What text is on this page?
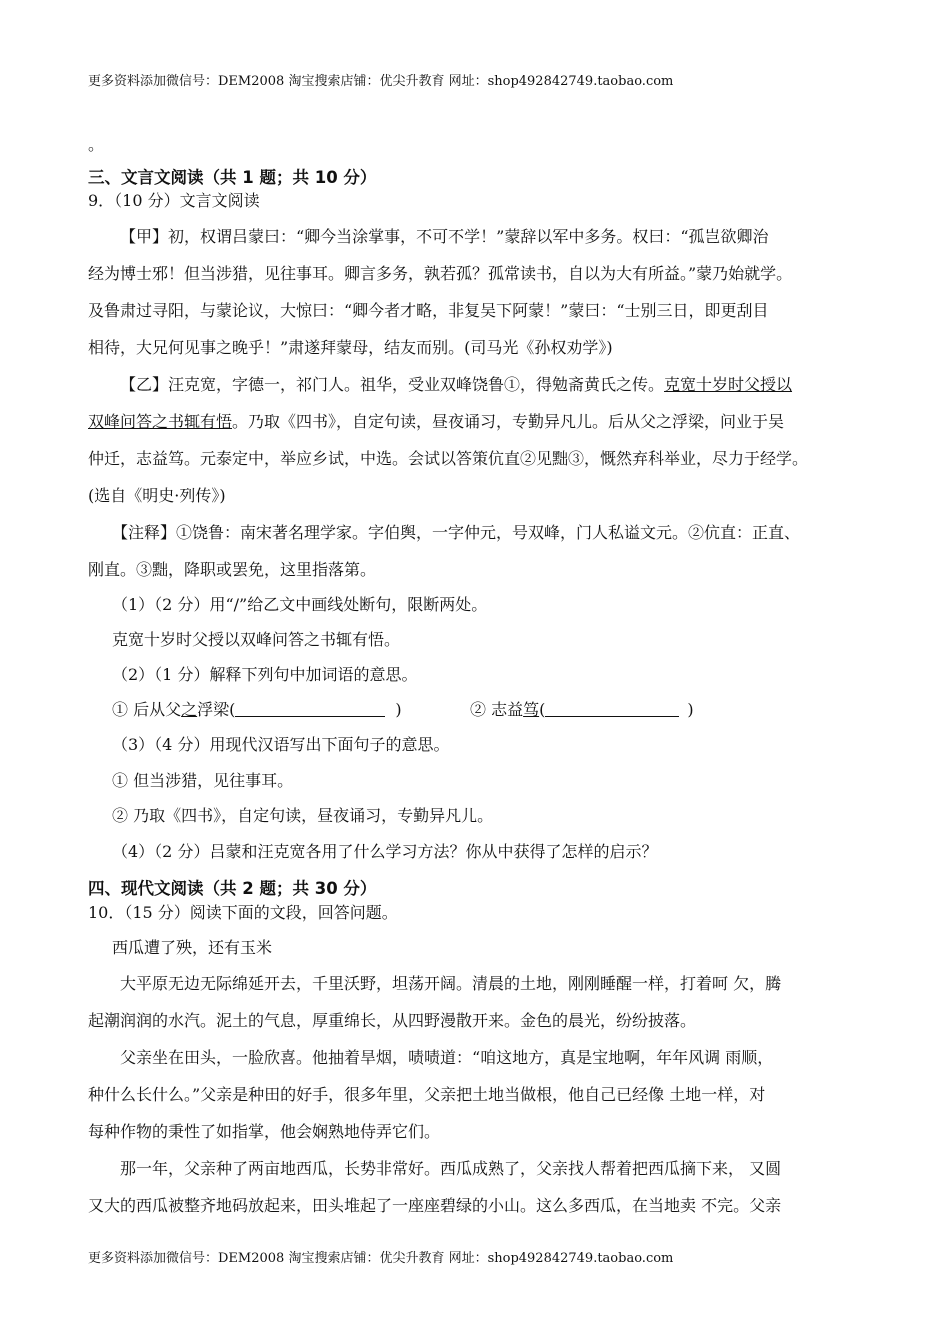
更多资料添加微信号：DEM2008 淘宝搜索店铺：优尖升教育 网址：shop492842749.taobao.com
。
三、文言文阅读（共 1 题；共 10 分）
9．（10 分）文言文阅读
【甲】初，权谓吕蒙曰：“卿今当涂掌事，不可不学！”蒙辞以军中多务。权曰：“孤岂欲卿治
经为博士邪！但当涉猎，见往事耳。卿言多务，孰若孤？孤常读书，自以为大有所益。”蒙乃始就学。
及鲁肃过寻阳，与蒙论议，大惊曰：“卿今者才略，非复吴下阿蒙！”蒙曰：“士别三日，即更刮目
相待，大兄何见事之晚乎！”肃遂拜蒙母，结友而别。(司马光《孙权劝学》)
【乙】汪克宽，字德一，祁门人。祖华，受业双峰饶鲁①，得勉斋黄氏之传。克宽十岁时父授以
双峰问答之书辄有悟。乃取《四书》，自定句读，昼夜诵习，专勤异凡儿。后从父之浮梁，问业于吴
仲迁，志益笃。元泰定中，举应乡试，中选。会试以答策伉直②见黜③，慨然弃科举业，尽力于经学。
(选自《明史·列传》)
【注释】①饶鲁：南宋著名理学家。字伯舆，一字仲元，号双峰，门人私谥文元。②伉直：正直、
刚直。③黜，降职或罢免，这里指落第。
（1）（2 分）用“/”给乙文中画线处断句，限断两处。
克宽十岁时父授以双峰问答之书辄有悟。
（2）（1 分）解释下列句中加词语的意思。
① 后从父之浮梁(	)	② 志益笃(	)
（3）（4 分）用现代汉语写出下面句子的意思。
① 但当涉猎，见往事耳。
② 乃取《四书》，自定句读，昼夜诵习，专勤异凡儿。
（4）（2 分）吕蒙和汪克宽各用了什么学习方法？你从中获得了怎样的启示？
四、现代文阅读（共 2 题；共 30 分）
10．（15 分）阅读下面的文段，回答问题。
西瓜遭了殃，还有玉米
大平原无边无际绵延开去，千里沃野，坦荡开阔。清晨的土地，刚刚睡醒一样，打着呵 欠，腾
起潮润润的水汽。泥土的气息，厚重绵长，从四野漫散开来。金色的晨光，纷纷披落。
父亲坐在田头，一脸欣喜。他抽着旱烟，啧啧道：“咱这地方，真是宝地啊，年年风调 雨顺，
种什么长什么。”父亲是种田的好手，很多年里，父亲把土地当做根，他自己已经像 土地一样，对
每种作物的秉性了如指掌，他会娴熟地侍弄它们。
那一年，父亲种了两亩地西瓜，长势非常好。西瓜成熟了，父亲找人帮着把西瓜摘下来， 又圆
又大的西瓜被整齐地码放起来，田头堆起了一座座碧绿的小山。这么多西瓜，在当地卖 不完。父亲
更多资料添加微信号：DEM2008 淘宝搜索店铺：优尖升教育 网址：shop492842749.taobao.com
